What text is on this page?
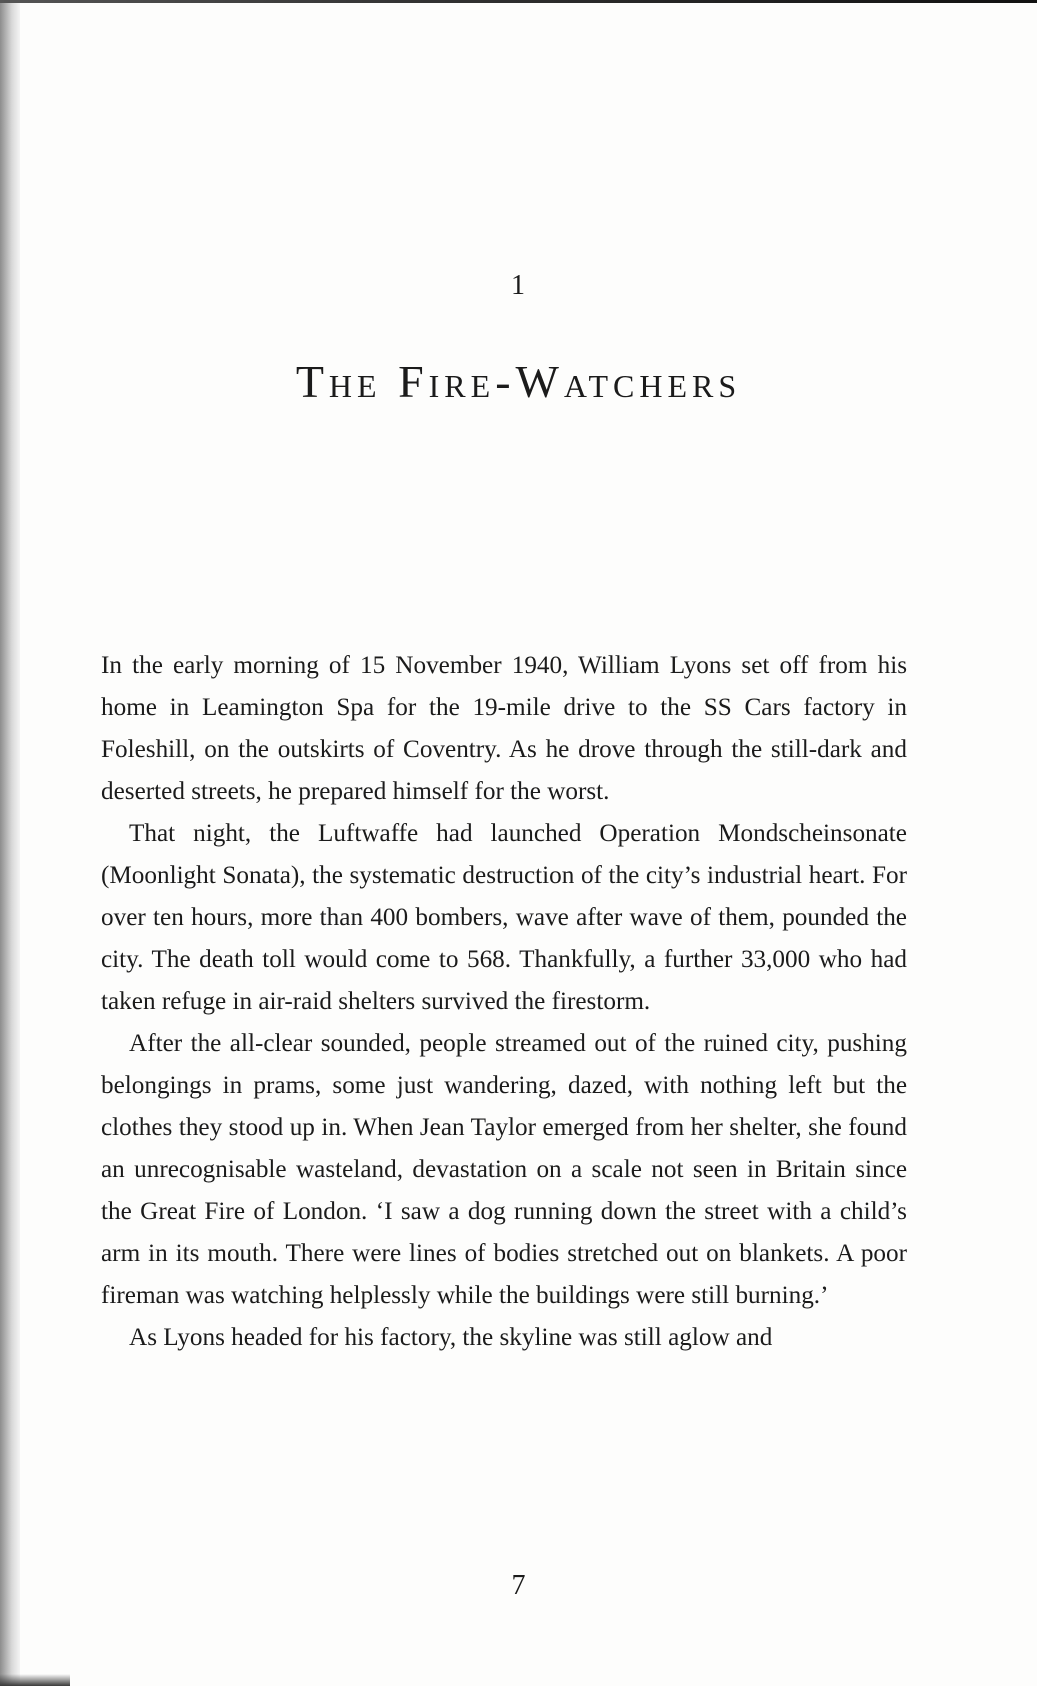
1

The Fire-Watchers

In the early morning of 15 November 1940, William Lyons set off from his home in Leamington Spa for the 19-mile drive to the SS Cars factory in Foleshill, on the outskirts of Coventry. As he drove through the still-dark and deserted streets, he prepared himself for the worst.

That night, the Luftwaffe had launched Operation Mondscheinsonate (Moonlight Sonata), the systematic destruction of the city’s industrial heart. For over ten hours, more than 400 bombers, wave after wave of them, pounded the city. The death toll would come to 568. Thankfully, a further 33,000 who had taken refuge in air-raid shelters survived the firestorm.

After the all-clear sounded, people streamed out of the ruined city, pushing belongings in prams, some just wandering, dazed, with nothing left but the clothes they stood up in. When Jean Taylor emerged from her shelter, she found an unrecognisable wasteland, devastation on a scale not seen in Britain since the Great Fire of London. ‘I saw a dog running down the street with a child’s arm in its mouth. There were lines of bodies stretched out on blankets. A poor fireman was watching helplessly while the buildings were still burning.’

As Lyons headed for his factory, the skyline was still aglow and

7
